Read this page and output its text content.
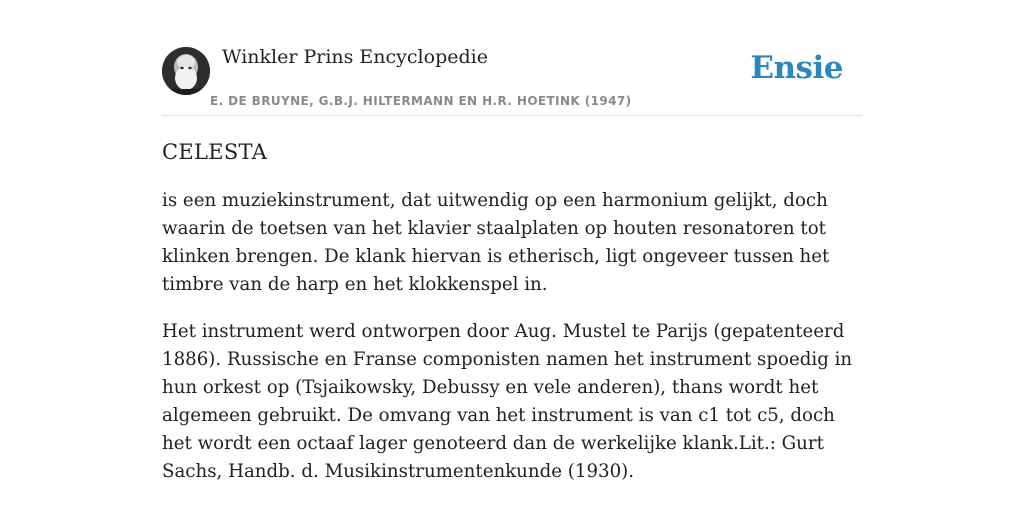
Winkler Prins Encyclopedie
E. DE BRUYNE, G.B.J. HILTERMANN EN H.R. HOETINK (1947)
Ensie
CELESTA

is een muziekinstrument, dat uitwendig op een harmonium gelijkt, doch waarin de toetsen van het klavier staalplaten op houten resonatoren tot klinken brengen. De klank hiervan is etherisch, ligt ongeveer tussen het timbre van de harp en het klokkenspel in.

Het instrument werd ontworpen door Aug. Mustel te Parijs (gepatenteerd 1886). Russische en Franse componisten namen het instrument spoedig in hun orkest op (Tsjaikowsky, Debussy en vele anderen), thans wordt het algemeen gebruikt. De omvang van het instrument is van c1 tot c5, doch het wordt een octaaf lager genoteerd dan de werkelijke klank.Lit.: Gurt Sachs, Handb. d. Musikinstrumentenkunde (1930).
